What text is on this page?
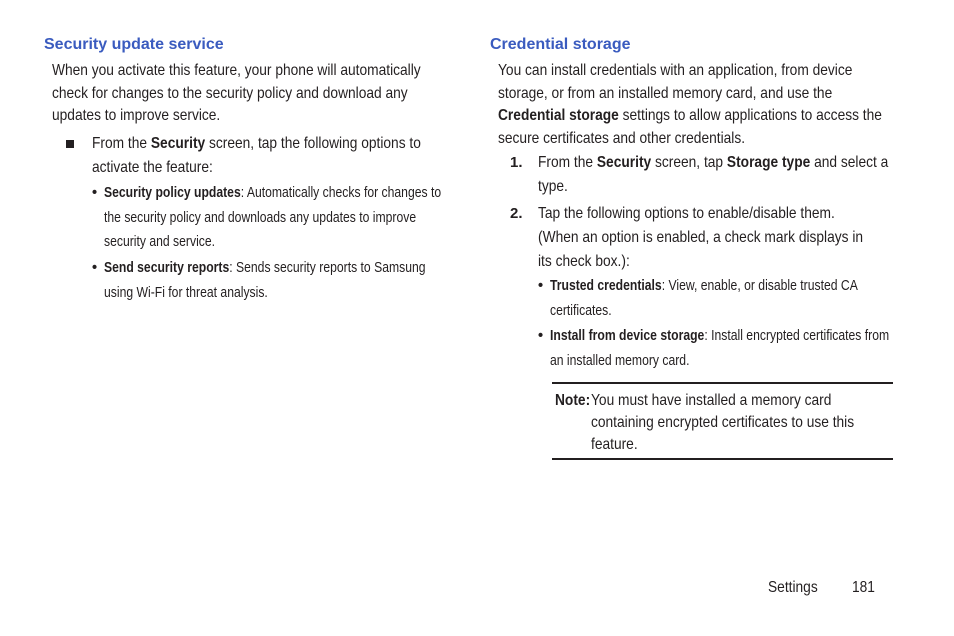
Security update service
When you activate this feature, your phone will automatically
check for changes to the security policy and download any
updates to improve service.
From the Security screen, tap the following options to
activate the feature:
• Security policy updates: Automatically checks for changes to
the security policy and downloads any updates to improve
security and service.
• Send security reports: Sends security reports to Samsung
using Wi-Fi for threat analysis.
Credential storage
You can install credentials with an application, from device
storage, or from an installed memory card, and use the
Credential storage settings to allow applications to access the
secure certificates and other credentials.
1. From the Security screen, tap Storage type and select a
type.
2. Tap the following options to enable/disable them.
(When an option is enabled, a check mark displays in
its check box.):
• Trusted credentials: View, enable, or disable trusted CA
certificates.
• Install from device storage: Install encrypted certificates from
an installed memory card.
Note: You must have installed a memory card
containing encrypted certificates to use this
feature.
Settings 181
